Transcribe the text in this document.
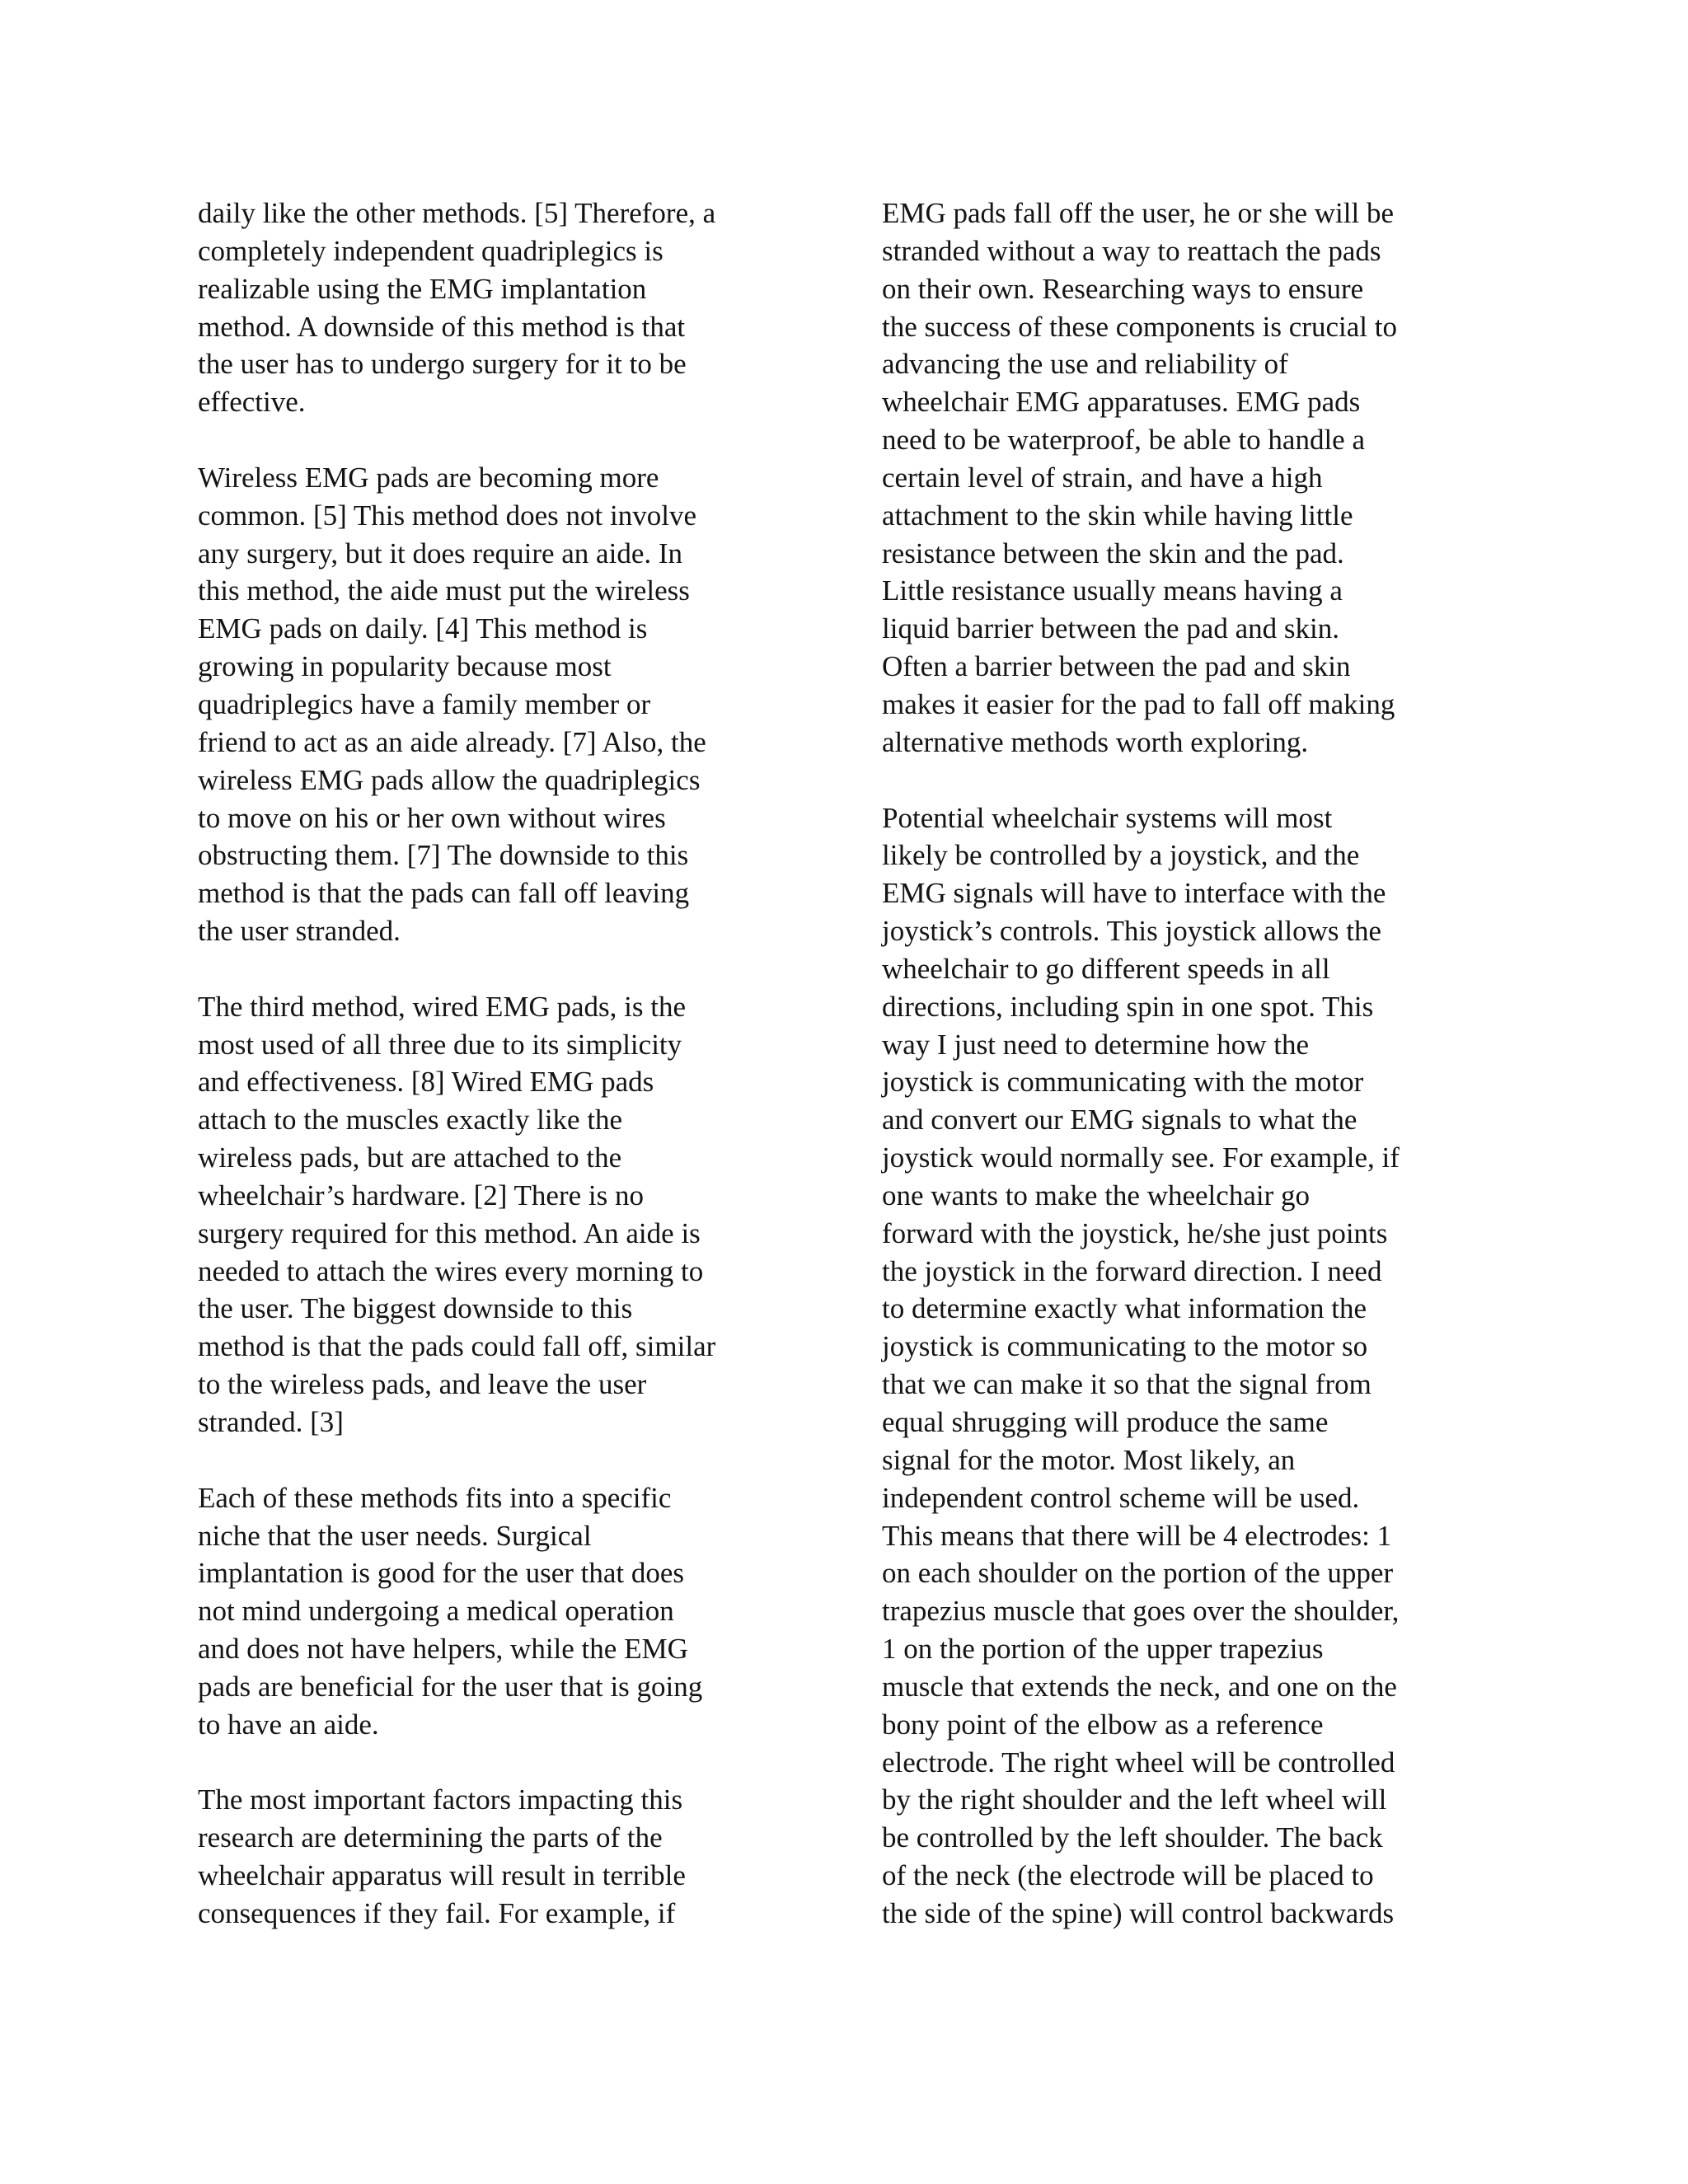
daily like the other methods. [5] Therefore, a
completely independent quadriplegics is
realizable using the EMG implantation
method. A downside of this method is that
the user has to undergo surgery for it to be
effective.
Wireless EMG pads are becoming more
common. [5] This method does not involve
any surgery, but it does require an aide. In
this method, the aide must put the wireless
EMG pads on daily. [4] This method is
growing in popularity because most
quadriplegics have a family member or
friend to act as an aide already. [7] Also, the
wireless EMG pads allow the quadriplegics
to move on his or her own without wires
obstructing them. [7] The downside to this
method is that the pads can fall off leaving
the user stranded.
The third method, wired EMG pads, is the
most used of all three due to its simplicity
and effectiveness. [8] Wired EMG pads
attach to the muscles exactly like the
wireless pads, but are attached to the
wheelchair’s hardware. [2] There is no
surgery required for this method. An aide is
needed to attach the wires every morning to
the user. The biggest downside to this
method is that the pads could fall off, similar
to the wireless pads, and leave the user
stranded. [3]
Each of these methods fits into a specific
niche that the user needs. Surgical
implantation is good for the user that does
not mind undergoing a medical operation
and does not have helpers, while the EMG
pads are beneficial for the user that is going
to have an aide.
The most important factors impacting this
research are determining the parts of the
wheelchair apparatus will result in terrible
consequences if they fail. For example, if
EMG pads fall off the user, he or she will be
stranded without a way to reattach the pads
on their own. Researching ways to ensure
the success of these components is crucial to
advancing the use and reliability of
wheelchair EMG apparatuses. EMG pads
need to be waterproof, be able to handle a
certain level of strain, and have a high
attachment to the skin while having little
resistance between the skin and the pad.
Little resistance usually means having a
liquid barrier between the pad and skin.
Often a barrier between the pad and skin
makes it easier for the pad to fall off making
alternative methods worth exploring.
Potential wheelchair systems will most
likely be controlled by a joystick, and the
EMG signals will have to interface with the
joystick’s controls. This joystick allows the
wheelchair to go different speeds in all
directions, including spin in one spot. This
way I just need to determine how the
joystick is communicating with the motor
and convert our EMG signals to what the
joystick would normally see. For example, if
one wants to make the wheelchair go
forward with the joystick, he/she just points
the joystick in the forward direction. I need
to determine exactly what information the
joystick is communicating to the motor so
that we can make it so that the signal from
equal shrugging will produce the same
signal for the motor. Most likely, an
independent control scheme will be used.
This means that there will be 4 electrodes: 1
on each shoulder on the portion of the upper
trapezius muscle that goes over the shoulder,
1 on the portion of the upper trapezius
muscle that extends the neck, and one on the
bony point of the elbow as a reference
electrode. The right wheel will be controlled
by the right shoulder and the left wheel will
be controlled by the left shoulder. The back
of the neck (the electrode will be placed to
the side of the spine) will control backwards
